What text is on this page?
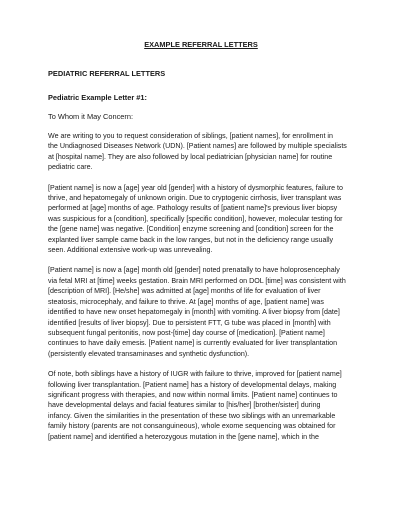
EXAMPLE REFERRAL LETTERS
PEDIATRIC REFERRAL LETTERS
Pediatric Example Letter #1:
To Whom it May Concern:
We are writing to you to request consideration of siblings, [patient names], for enrollment in
the Undiagnosed Diseases Network (UDN). [Patient names] are followed by multiple specialists
at [hospital name]. They are also followed by local pediatrician [physician name] for routine
pediatric care.
[Patient name] is now a [age] year old [gender] with a history of dysmorphic features, failure to
thrive, and hepatomegaly of unknown origin. Due to cryptogenic cirrhosis, liver transplant was
performed at [age] months of age. Pathology results of [patient name]'s previous liver biopsy
was suspicious for a [condition], specifically [specific condition], however, molecular testing for
the [gene name] was negative. [Condition] enzyme screening and [condition] screen for the
explanted liver sample came back in the low ranges, but not in the deficiency range usually
seen. Additional extensive work-up was unrevealing.
[Patient name] is now a [age] month old [gender] noted prenatally to have holoprosencephaly
via fetal MRI at [time] weeks gestation. Brain MRI performed on DOL [time] was consistent with
[description of MRI]. [He/she] was admitted at [age] months of life for evaluation of liver
steatosis, microcephaly, and failure to thrive. At [age] months of age, [patient name] was
identified to have new onset hepatomegaly in [month] with vomiting. A liver biopsy from [date]
identified [results of liver biopsy]. Due to persistent FTT, G tube was placed in [month] with
subsequent fungal peritonitis, now post-[time] day course of [medication]. [Patient name]
continues to have daily emesis. [Patient name] is currently evaluated for liver transplantation
(persistently elevated transaminases and synthetic dysfunction).
Of note, both siblings have a history of IUGR with failure to thrive, improved for [patient name]
following liver transplantation. [Patient name] has a history of developmental delays, making
significant progress with therapies, and now within normal limits. [Patient name] continues to
have developmental delays and facial features similar to [his/her] [brother/sister] during
infancy. Given the similarities in the presentation of these two siblings with an unremarkable
family history (parents are not consanguineous), whole exome sequencing was obtained for
[patient name] and identified a heterozygous mutation in the [gene name], which in the
